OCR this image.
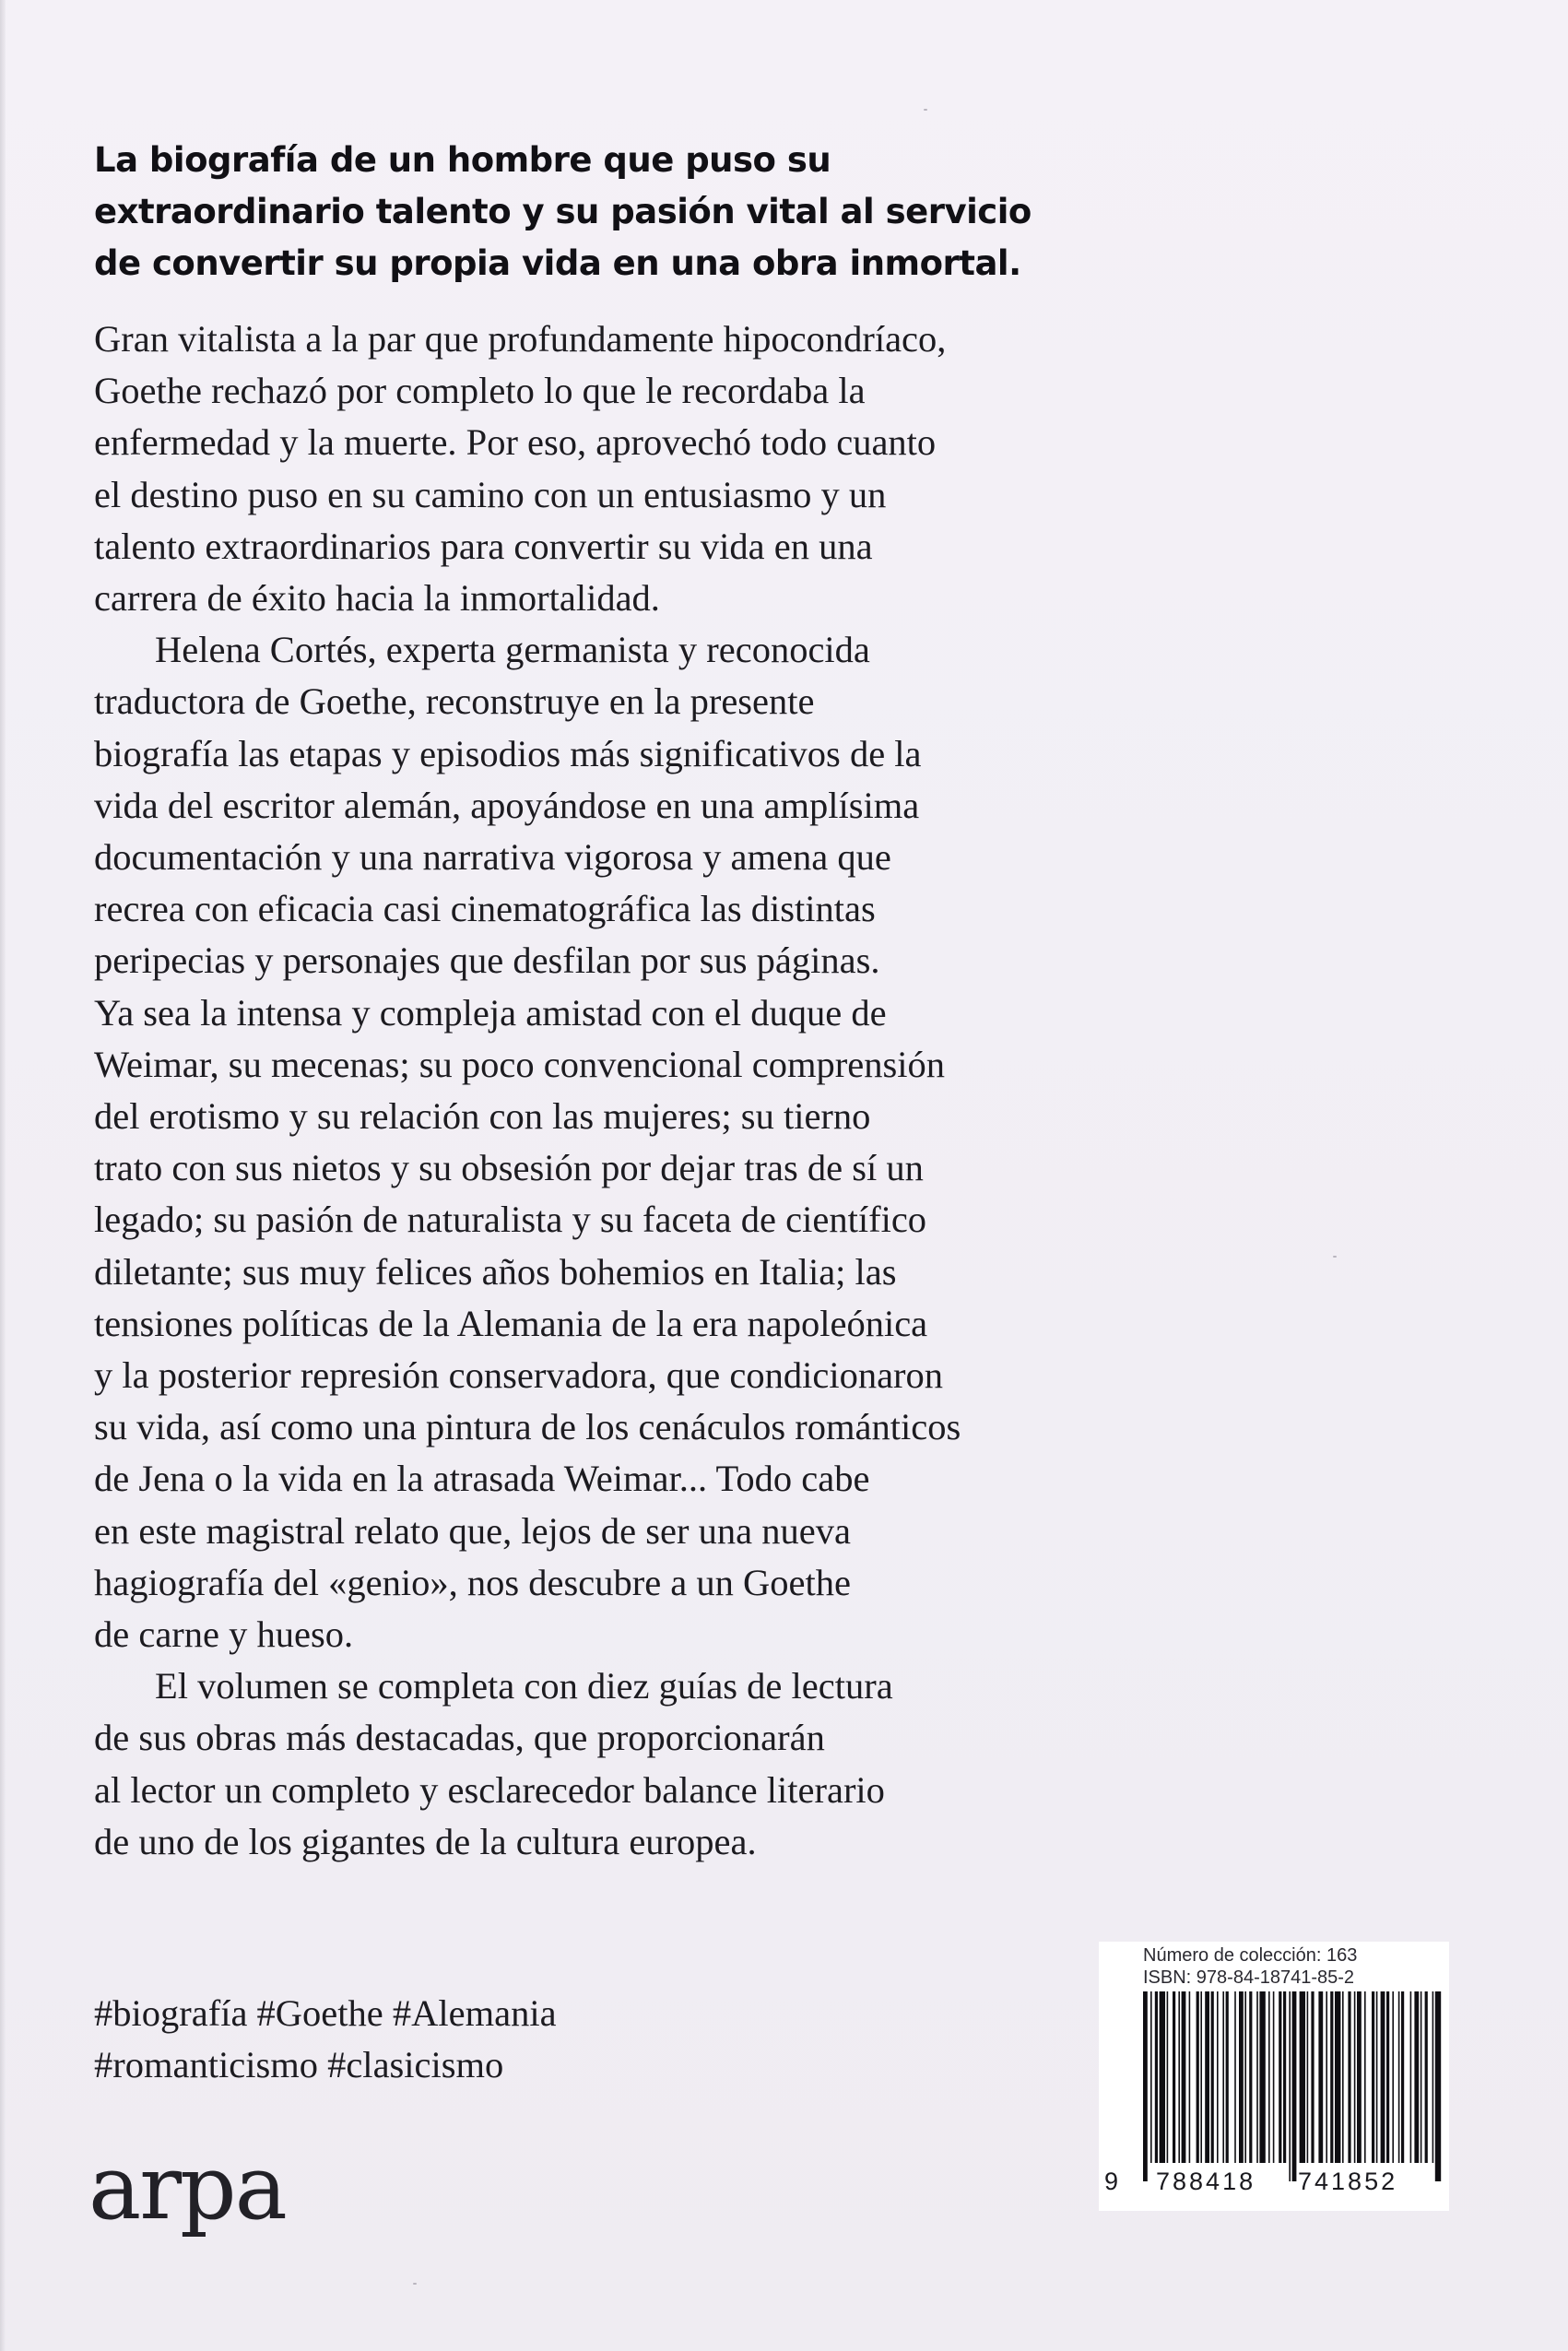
La biografía de un hombre que puso su
extraordinario talento y su pasión vital al servicio
de convertir su propia vida en una obra inmortal.
Gran vitalista a la par que profundamente hipocondríaco,
Goethe rechazó por completo lo que le recordaba la
enfermedad y la muerte. Por eso, aprovechó todo cuanto
el destino puso en su camino con un entusiasmo y un
talento extraordinarios para convertir su vida en una
carrera de éxito hacia la inmortalidad.
Helena Cortés, experta germanista y reconocida
traductora de Goethe, reconstruye en la presente
biografía las etapas y episodios más significativos de la
vida del escritor alemán, apoyándose en una amplísima
documentación y una narrativa vigorosa y amena que
recrea con eficacia casi cinematográfica las distintas
peripecias y personajes que desfilan por sus páginas.
Ya sea la intensa y compleja amistad con el duque de
Weimar, su mecenas; su poco convencional comprensión
del erotismo y su relación con las mujeres; su tierno
trato con sus nietos y su obsesión por dejar tras de sí un
legado; su pasión de naturalista y su faceta de científico
diletante; sus muy felices años bohemios en Italia; las
tensiones políticas de la Alemania de la era napoleónica
y la posterior represión conservadora, que condicionaron
su vida, así como una pintura de los cenáculos románticos
de Jena o la vida en la atrasada Weimar... Todo cabe
en este magistral relato que, lejos de ser una nueva
hagiografía del «genio», nos descubre a un Goethe
de carne y hueso.
El volumen se completa con diez guías de lectura
de sus obras más destacadas, que proporcionarán
al lector un completo y esclarecedor balance literario
de uno de los gigantes de la cultura europea.
#biografía #Goethe #Alemania
#romanticismo #clasicismo
arpa
Número de colección: 163
ISBN: 978-84-18741-85-2
9 788418 741852
